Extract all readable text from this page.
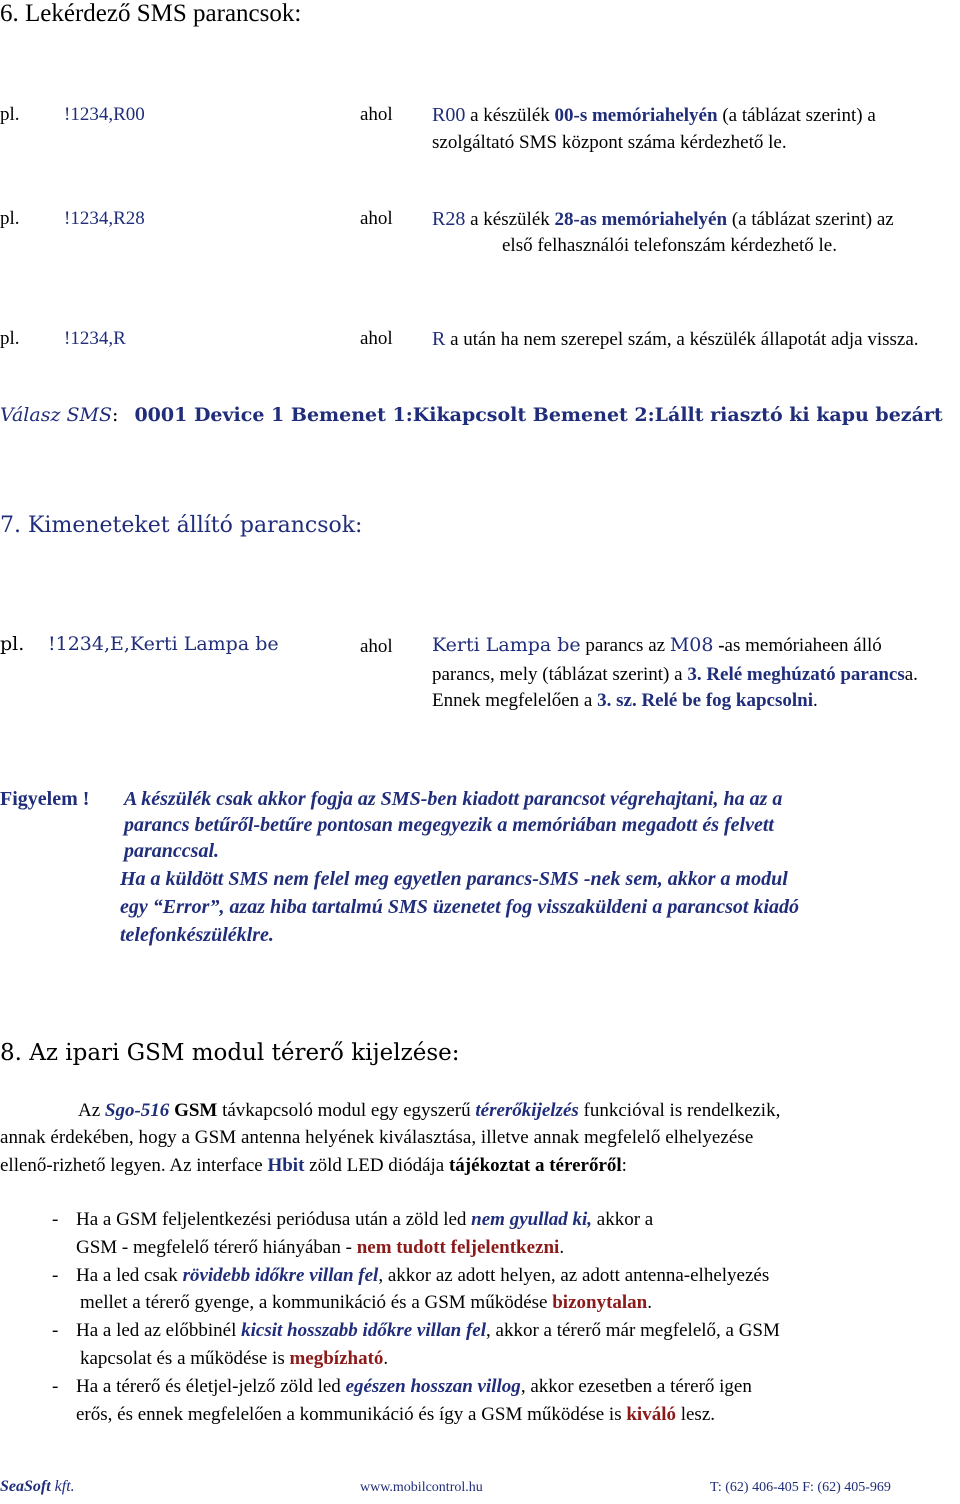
6. Lekérdező SMS parancsok:
pl. !1234,R00	ahol R00 a készülék 00-s memóriahelyén (a táblázat szerint) a
szolgáltató SMS központ száma kérdezhető le.
pl. !1234,R28	ahol R28 a készülék 28-as memóriahelyén (a táblázat szerint) az
első felhasználói telefonszám kérdezhető le.
pl. !1234,R	ahol R a után ha nem szerepel szám, a készülék állapotát adja vissza.
Válasz SMS: 0001 Device 1 Bemenet 1:Kikapcsolt Bemenet 2:Lállt riasztó ki kapu bezárt
7. Kimeneteket állító parancsok:
pl. !1234,E,Kerti Lampa be	ahol Kerti Lampa be parancs az M08 -as memóriaheen álló
parancs, mely (táblázat szerint) a 3. Relé meghúzató parancsa.
Ennek megfelelően a 3. sz. Relé be fog kapcsolni.
Figyelem ! A készülék csak akkor fogja az SMS-ben kiadott parancsot végrehajtani, ha az a
parancs betűről-betűre pontosan megegyezik a memóriában megadott és felvett
paranccsal.
Ha a küldött SMS nem felel meg egyetlen parancs-SMS -nek sem, akkor a modul
egy “Error”, azaz hiba tartalmú SMS üzenetet fog visszaküldeni a parancsot kiadó
telefonkészüléklre.
8. Az ipari GSM modul térerő kijelzése:
Az Sgo-516 GSM távkapcsoló modul egy egyszerű térerőkijelzés funkcióval is rendelkezik,
annak érdekében, hogy a GSM antenna helyének kiválasztása, illetve annak megfelelő elhelyezése
ellenő-rizhető legyen. Az interface Hbit zöld LED diódája tájékoztat a térerőről:
- Ha a GSM feljelentkezési periódusa után a zöld led nem gyullad ki, akkor a
GSM - megfelelő térerő hiányában - nem tudott feljelentkezni.
- Ha a led csak rövidebb időkre villan fel, akkor az adott helyen, az adott antenna-elhelyezés
mellet a térerő gyenge, a kommunikáció és a GSM működése bizonytalan.
- Ha a led az előbbinél kicsit hosszabb időkre villan fel, akkor a térerő már megfelelő, a GSM
kapcsolat és a működése is megbízható.
- Ha a térerő és életjel-jelző zöld led egészen hosszan villog, akkor ezesetben a térerő igen
erős, és ennek megfelelően a kommunikáció és így a GSM működése is kiváló lesz.
SeaSoft kft.	www.mobilcontrol.hu	T: (62) 406-405 F: (62) 405-969
